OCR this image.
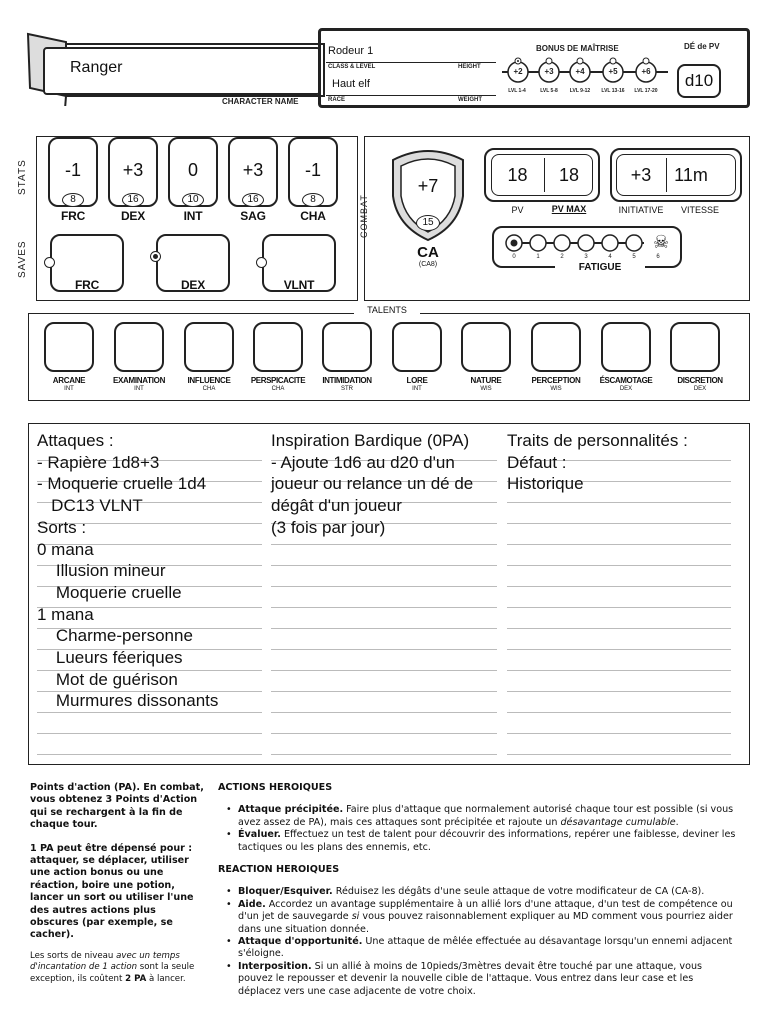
Ranger
CHARACTER NAME
Rodeur 1
CLASS & LEVEL	HEIGHT
Haut elf
RACE	WEIGHT
BONUS DE MAÎTRISE
+2	+3	+4	+5	+6
LVL 1-4	LVL 5-8	LVL 9-12	LVL 13-16	LVL 17-20
DÉ de PV
d10
STATS
SAVES
-1
8
FRC
+3
16
DEX
0
10
INT
+3
16
SAG
-1
8
CHA
FRC	DEX	VLNT
COMBAT
+7
15
CA
(CA8)
18	18
PV	PV MAX
+3	11m
INITIATIVE	VITESSE
☠
0	1	2	3	4	5	6
FATIGUE
TALENTS
ARCANE
INT
EXAMINATION
INT
INFLUENCE
CHA
PERSPICACITE
CHA
INTIMIDATION
STR
LORE
INT
NATURE
WIS
PERCEPTION
WIS
ÉSCAMOTAGE
DEX
DISCRETION
DEX
Attaques :
- Rapière 1d8+3
- Moquerie cruelle 1d4
DC13 VLNT
Sorts :
0 mana
Illusion mineur
Moquerie cruelle
1 mana
Charme-personne
Lueurs féeriques
Mot de guérison
Murmures dissonants
Inspiration Bardique (0PA)
- Ajoute 1d6 au d20 d'un
joueur ou relance un dé de
dégât d'un joueur
(3 fois par jour)
Traits de personnalités :
Défaut :
Historique

Points d'action (PA). En combat, vous obtenez 3 Points d'Action qui se rechargent à la fin de chaque tour.

1 PA peut être dépensé pour : attaquer, se déplacer, utiliser une action bonus ou une réaction, boire une potion, lancer un sort ou utiliser l'une des autres actions plus obscures (par exemple, se cacher).

Les sorts de niveau avec un temps d'incantation de 1 action sont la seule exception, ils coûtent 2 PA à lancer.

ACTIONS HEROIQUES

• Attaque précipitée. Faire plus d'attaque que normalement autorisé chaque tour est possible (si vous avez assez de PA), mais ces attaques sont précipitée et rajoute un désavantage cumulable.
• Évaluer. Effectuez un test de talent pour découvrir des informations, repérer une faiblesse, deviner les tactiques ou les plans des ennemis, etc.

REACTION HEROIQUES

• Bloquer/Esquiver. Réduisez les dégâts d'une seule attaque de votre modificateur de CA (CA-8).
• Aide. Accordez un avantage supplémentaire à un allié lors d'une attaque, d'un test de compétence ou d'un jet de sauvegarde si vous pouvez raisonnablement expliquer au MD comment vous pourriez aider dans une situation donnée.
• Attaque d'opportunité. Une attaque de mêlée effectuée au désavantage lorsqu'un ennemi adjacent s'éloigne.
• Interposition. Si un allié à moins de 10pieds/3mètres devait être touché par une attaque, vous pouvez le repousser et devenir la nouvelle cible de l'attaque. Vous entrez dans leur case et les déplacez vers une case adjacente de votre choix.
